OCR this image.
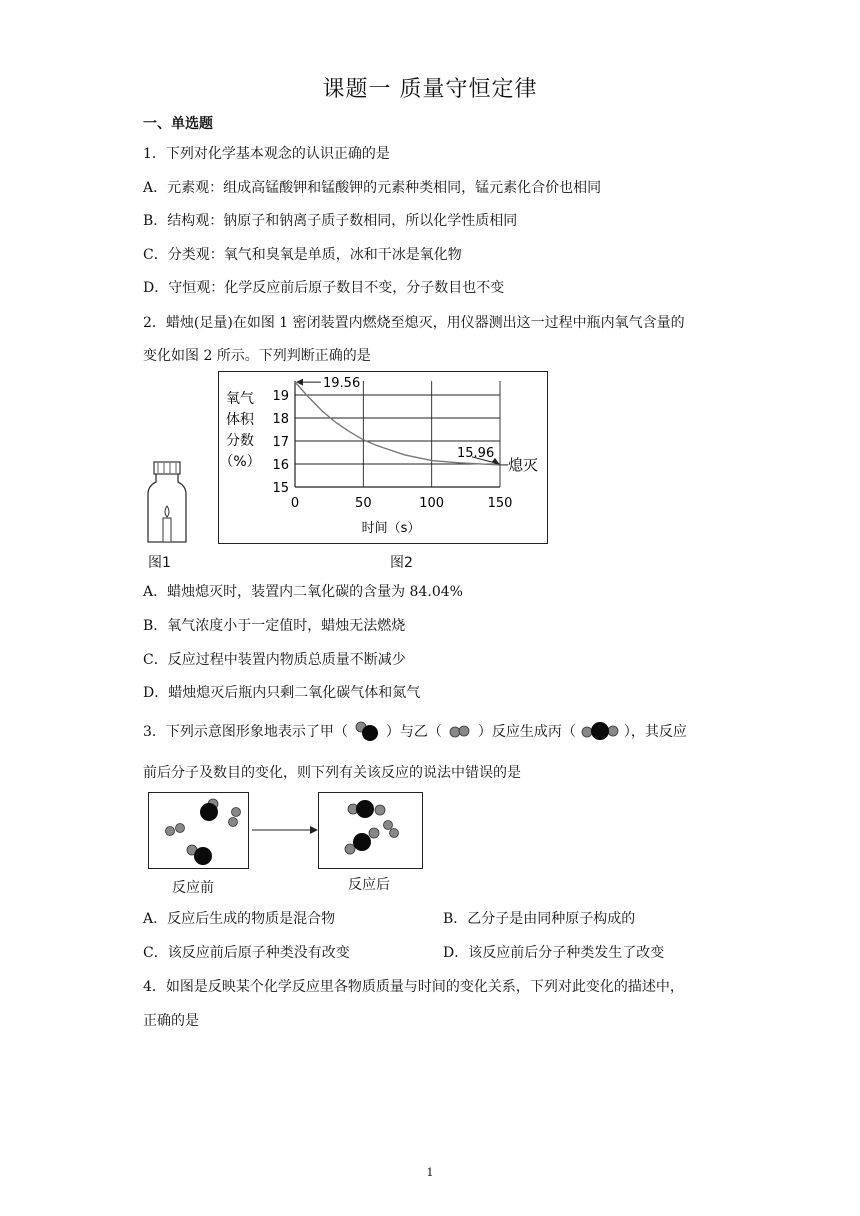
课题一 质量守恒定律
一、单选题
1．下列对化学基本观念的认识正确的是
A．元素观：组成高锰酸钾和锰酸钾的元素种类相同，锰元素化合价也相同
B．结构观：钠原子和钠离子质子数相同，所以化学性质相同
C．分类观：氧气和臭氧是单质，冰和干冰是氧化物
D．守恒观：化学反应前后原子数目不变，分子数目也不变
2．蜡烛(足量)在如图 1 密闭装置内燃烧至熄灭，用仪器测出这一过程中瓶内氧气含量的
变化如图 2 所示。下列判断正确的是
图1
氧气
体积
分数
（%）
15
16
17
18
19
0	50	100	150
19.56
15.96
熄灭
时间（s）
图2
A．蜡烛熄灭时，装置内二氧化碳的含量为 84.04%
B．氧气浓度小于一定值时，蜡烛无法燃烧
C．反应过程中装置内物质总质量不断减少
D．蜡烛熄灭后瓶内只剩二氧化碳气体和氮气
3．下列示意图形象地表示了甲（	）与乙（	）反应生成丙（	），其反应
前后分子及数目的变化，则下列有关该反应的说法中错误的是
反应前	反应后
A．反应后生成的物质是混合物	B．乙分子是由同种原子构成的
C．该反应前后原子种类没有改变	D．该反应前后分子种类发生了改变
4．如图是反映某个化学反应里各物质质量与时间的变化关系，下列对此变化的描述中，
正确的是
1
